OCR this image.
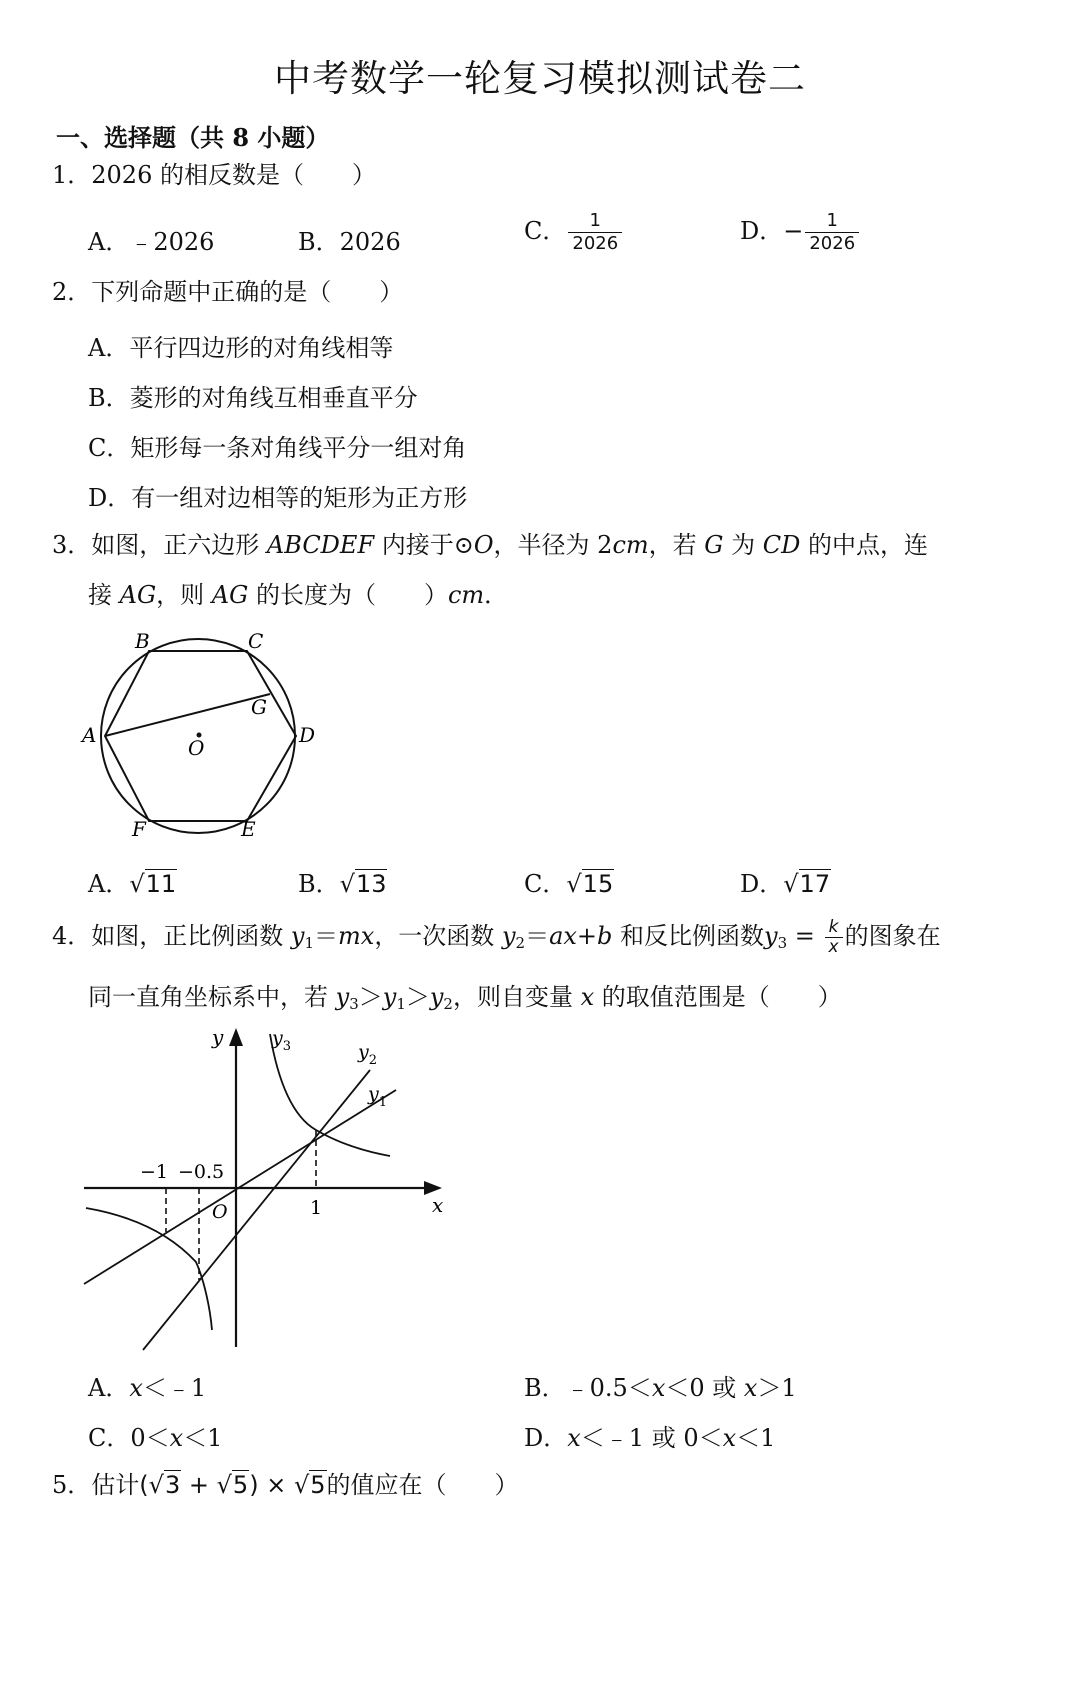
中考数学一轮复习模拟测试卷二
一、选择题（共 8 小题）
1．2026 的相反数是（　　）
A．﹣2026	B．2026	C． $\frac{1}{2026}$	D．− $\frac{1}{2026}$
2．下列命题中正确的是（　　）
A．平行四边形的对角线相等
B．菱形的对角线互相垂直平分
C．矩形每一条对角线平分一组对角
D．有一组对边相等的矩形为正方形
3．如图，正六边形 ABCDEF 内接于⊙O，半径为 2cm，若 G 为 CD 的中点，连
接 AG，则 AG 的长度为（　　）cm．
B	C
A	D
G
O
F	E
A．√11	B．√13	C．√15	D．√17
4．如图，正比例函数 $y_1=mx$，一次函数 $y_2=ax+b$ 和反比例函数$y_3 = \frac{k}{x}$ 的图象在
同一直角坐标系中，若 $y_3>y_1>y_2$，则自变量 x 的取值范围是（　　）
y
x
O	1
−1 −0.5
$y_3$	$y_2$
$y_1$
A．x＜﹣1	B．﹣0.5＜x＜0 或 x＞1
C．0＜x＜1	D．x＜﹣1 或 0＜x＜1
5．估计(√3 + √5) × √5的值应在（　　）
